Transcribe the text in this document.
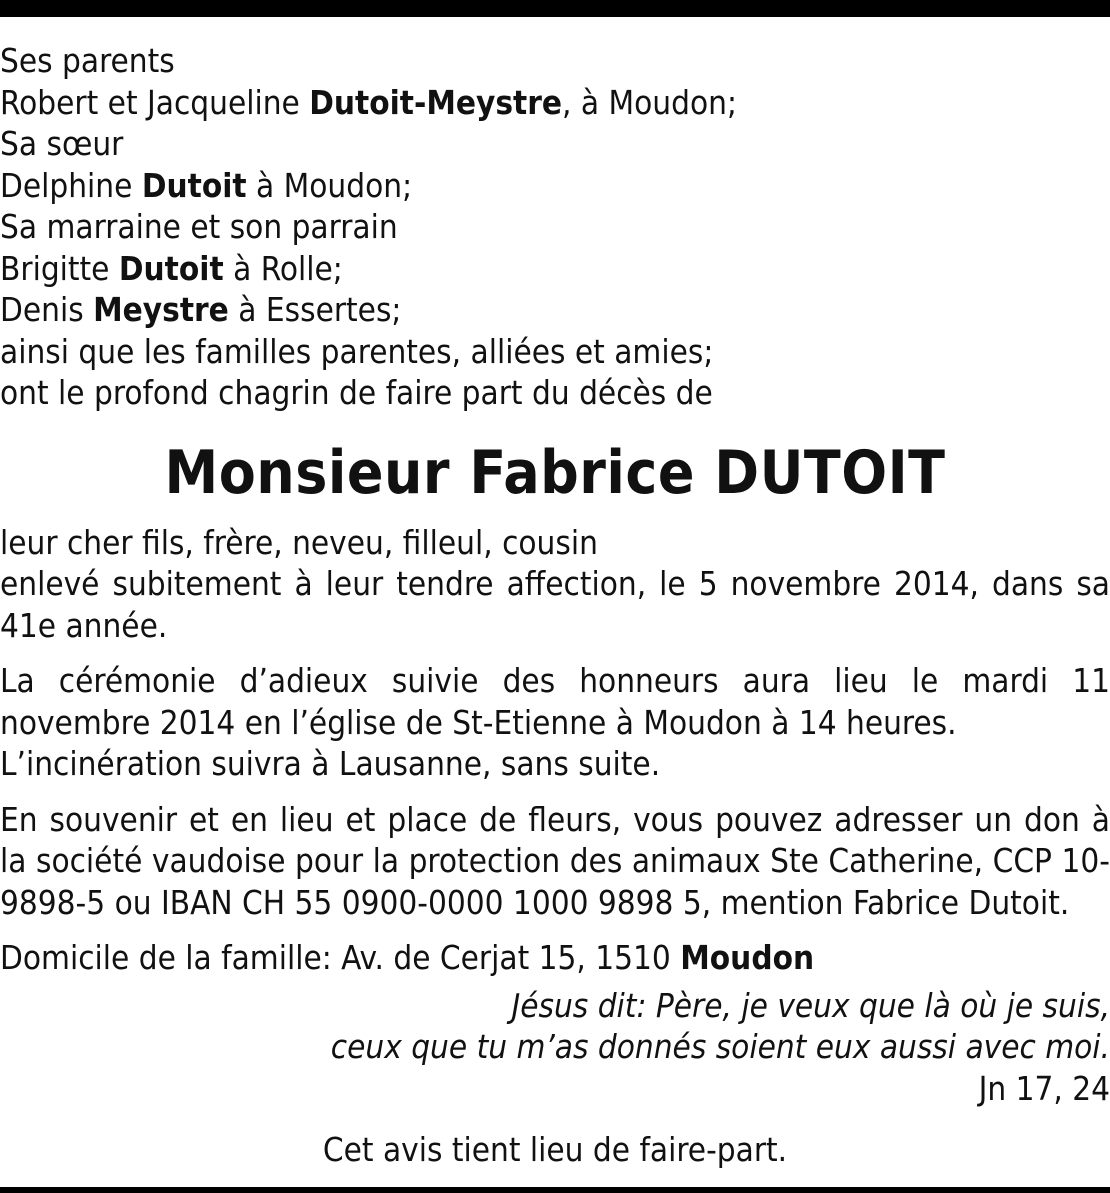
Ses parents
Robert et Jacqueline Dutoit-Meystre, à Moudon;
Sa sœur
Delphine Dutoit à Moudon;
Sa marraine et son parrain
Brigitte Dutoit à Rolle;
Denis Meystre à Essertes;
ainsi que les familles parentes, alliées et amies;
ont le profond chagrin de faire part du décès de
Monsieur Fabrice DUTOIT
leur cher fils, frère, neveu, filleul, cousin
enlevé subitement à leur tendre affection, le 5 novembre 2014, dans sa 41e année.
La cérémonie d’adieux suivie des honneurs aura lieu le mardi 11 novembre 2014 en l’église de St-Etienne à Moudon à 14 heures.
L’incinération suivra à Lausanne, sans suite.
En souvenir et en lieu et place de fleurs, vous pouvez adresser un don à la société vaudoise pour la protection des animaux Ste Catherine, CCP 10-9898-5 ou IBAN CH 55 0900-0000 1000 9898 5, mention Fabrice Dutoit.
Domicile de la famille: Av. de Cerjat 15, 1510 Moudon
Jésus dit: Père, je veux que là où je suis,
ceux que tu m’as donnés soient eux aussi avec moi.
Jn 17, 24
Cet avis tient lieu de faire-part.
